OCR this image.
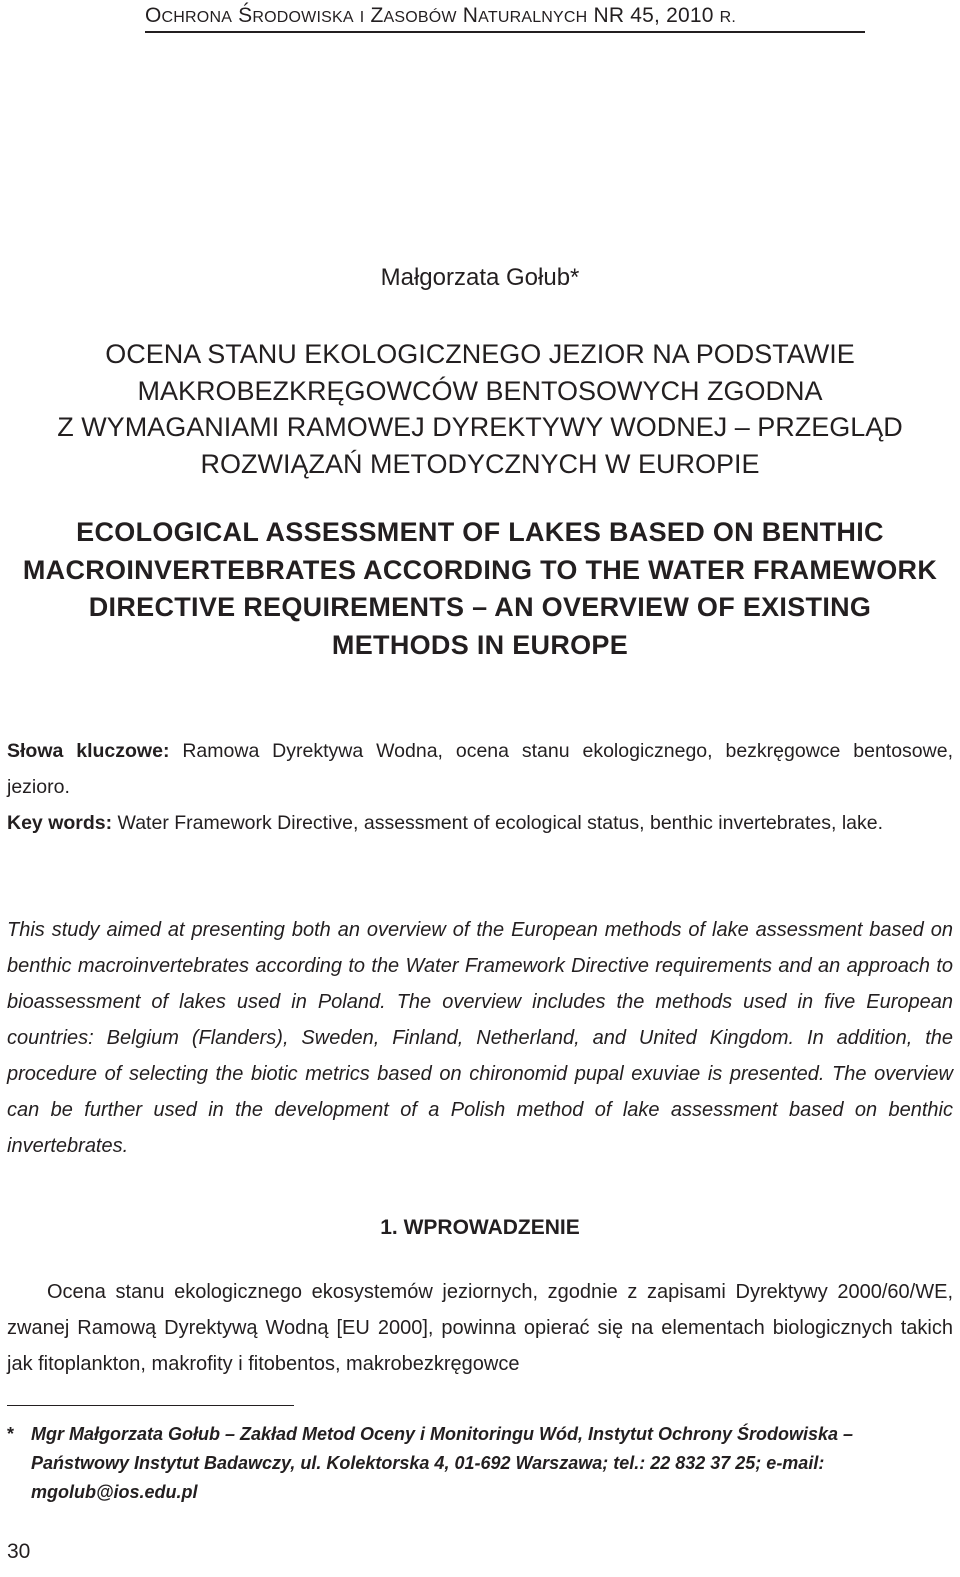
OCHRONA ŚRODOWISKA I ZASOBÓW NATURALNYCH NR 45, 2010 R.
Małgorzata Gołub*
OCENA STANU EKOLOGICZNEGO JEZIOR NA PODSTAWIE
MAKROBEZKRĘGOWCÓW BENTOSOWYCH ZGODNA
Z WYMAGANIAMI RAMOWEJ DYREKTYWY WODNEJ – PRZEGLĄD
ROZWIĄZAŃ METODYCZNYCH W EUROPIE
ECOLOGICAL ASSESSMENT OF LAKES BASED ON BENTHIC
MACROINVERTEBRATES ACCORDING TO THE WATER FRAMEWORK
DIRECTIVE REQUIREMENTS – AN OVERVIEW OF EXISTING
METHODS IN EUROPE
Słowa kluczowe: Ramowa Dyrektywa Wodna, ocena stanu ekologicznego, bezkręgowce bentosowe, jezioro.
Key words: Water Framework Directive, assessment of ecological status, benthic invertebrates, lake.
This study aimed at presenting both an overview of the European methods of lake assessment based on benthic macroinvertebrates according to the Water Framework Directive requirements and an approach to bioassessment of lakes used in Poland. The overview includes the methods used in five European countries: Belgium (Flanders), Sweden, Finland, Netherland, and United Kingdom. In addition, the procedure of selecting the biotic metrics based on chironomid pupal exuviae is presented. The overview can be further used in the development of a Polish method of lake assessment based on benthic invertebrates.
1. WPROWADZENIE
Ocena stanu ekologicznego ekosystemów jeziornych, zgodnie z zapisami Dyrektywy 2000/60/WE, zwanej Ramową Dyrektywą Wodną [EU 2000], powinna opierać się na elementach biologicznych takich jak fitoplankton, makrofity i fitobentos, makrobezkręgowce
* Mgr Małgorzata Gołub – Zakład Metod Oceny i Monitoringu Wód, Instytut Ochrony Środowiska – Państwowy Instytut Badawczy, ul. Kolektorska 4, 01-692 Warszawa; tel.: 22 832 37 25; e-mail: mgolub@ios.edu.pl
30
